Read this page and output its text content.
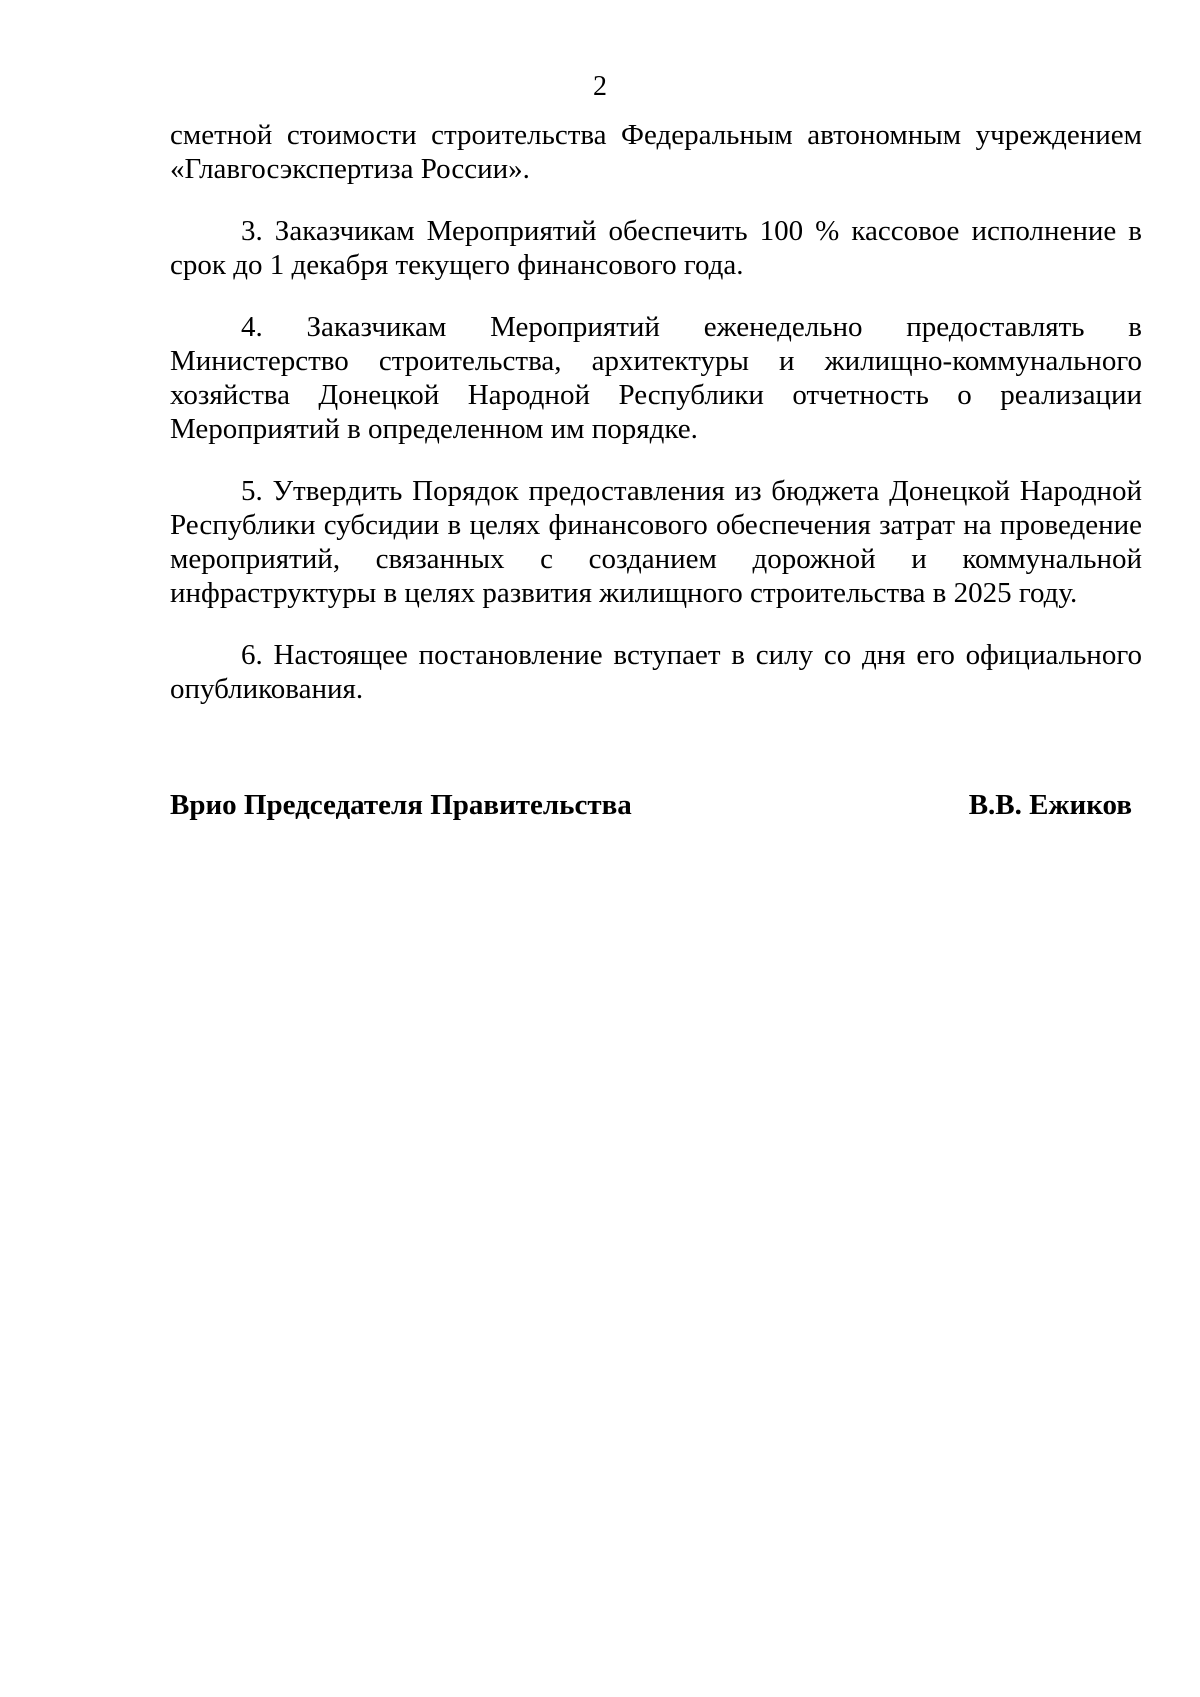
2

сметной стоимости строительства Федеральным автономным учреждением «Главгосэкспертиза России».

3. Заказчикам Мероприятий обеспечить 100 % кассовое исполнение в срок до 1 декабря текущего финансового года.

4. Заказчикам Мероприятий еженедельно предоставлять в Министерство строительства, архитектуры и жилищно-коммунального хозяйства Донецкой Народной Республики отчетность о реализации Мероприятий в определенном им порядке.

5. Утвердить Порядок предоставления из бюджета Донецкой Народной Республики субсидии в целях финансового обеспечения затрат на проведение мероприятий, связанных с созданием дорожной и коммунальной инфраструктуры в целях развития жилищного строительства в 2025 году.

6. Настоящее постановление вступает в силу со дня его официального опубликования.

Врио Председателя Правительства	В.В. Ежиков
